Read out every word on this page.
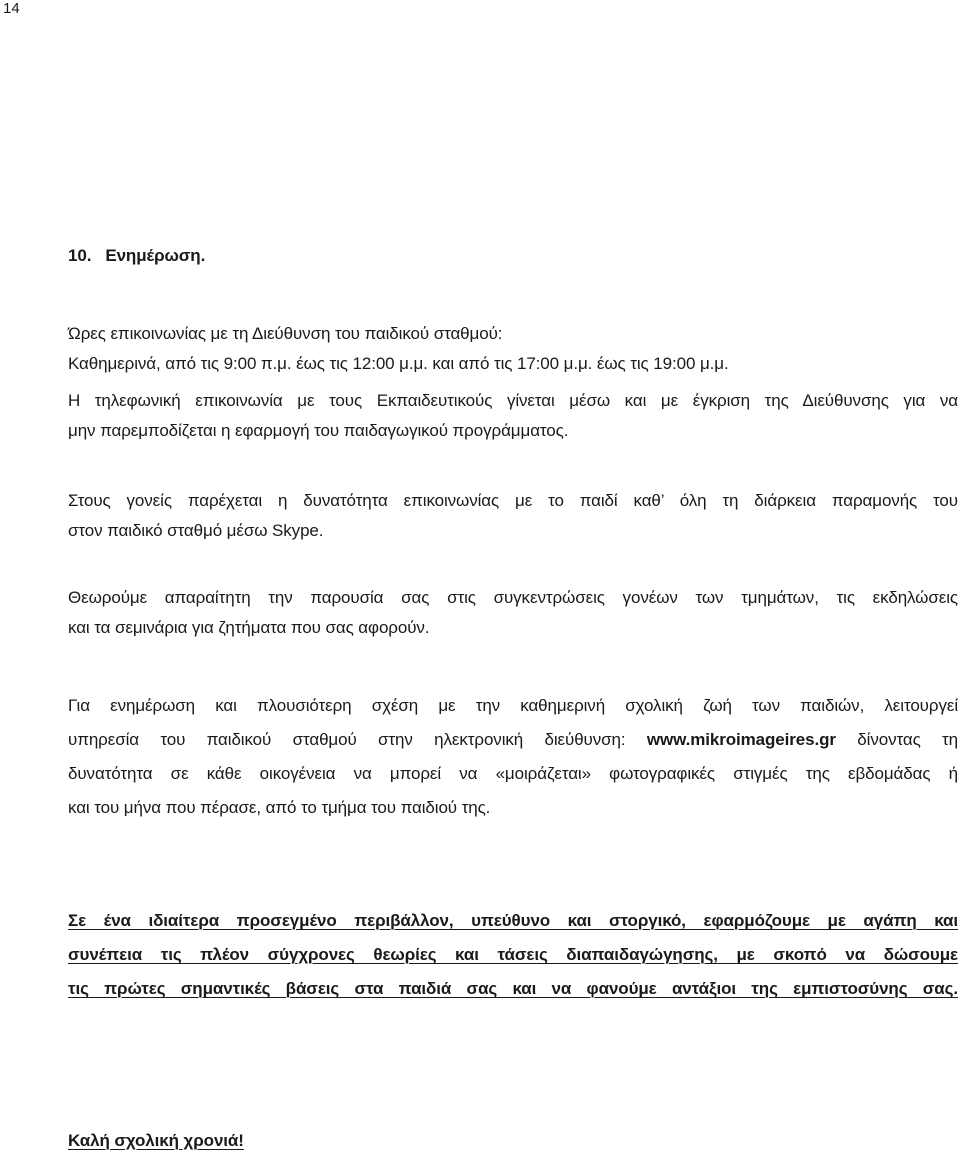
14
10. Ενημέρωση.
Ώρες επικοινωνίας με τη Διεύθυνση του παιδικού σταθμού:
Καθημερινά, από τις 9:00 π.μ. έως τις 12:00 μ.μ. και από τις 17:00 μ.μ. έως τις 19:00 μ.μ.
Η τηλεφωνική επικοινωνία με τους Εκπαιδευτικούς γίνεται μέσω και με έγκριση της Διεύθυνσης για να
μην παρεμποδίζεται η εφαρμογή του παιδαγωγικού προγράμματος.
Στους γονείς παρέχεται η δυνατότητα επικοινωνίας με το παιδί καθ’ όλη τη διάρκεια παραμονής του
στον παιδικό σταθμό μέσω Skype.
Θεωρούμε απαραίτητη την παρουσία σας στις συγκεντρώσεις γονέων των τμημάτων, τις εκδηλώσεις
και τα σεμινάρια για ζητήματα που σας αφορούν.
Για ενημέρωση και πλουσιότερη σχέση με την καθημερινή σχολική ζωή των παιδιών, λειτουργεί
υπηρεσία του παιδικού σταθμού στην ηλεκτρονική διεύθυνση: www.mikroimageires.gr δίνοντας τη
δυνατότητα σε κάθε οικογένεια να μπορεί να «μοιράζεται» φωτογραφικές στιγμές της εβδομάδας ή
και του μήνα που πέρασε, από το τμήμα του παιδιού της.
Σε ένα ιδιαίτερα προσεγμένο περιβάλλον, υπεύθυνο και στοργικό, εφαρμόζουμε με αγάπη και
συνέπεια τις πλέον σύγχρονες θεωρίες και τάσεις διαπαιδαγώγησης, με σκοπό να δώσουμε
τις πρώτες σημαντικές βάσεις στα παιδιά σας και να φανούμε αντάξιοι της εμπιστοσύνης σας.
Καλή σχολική χρονιά!
